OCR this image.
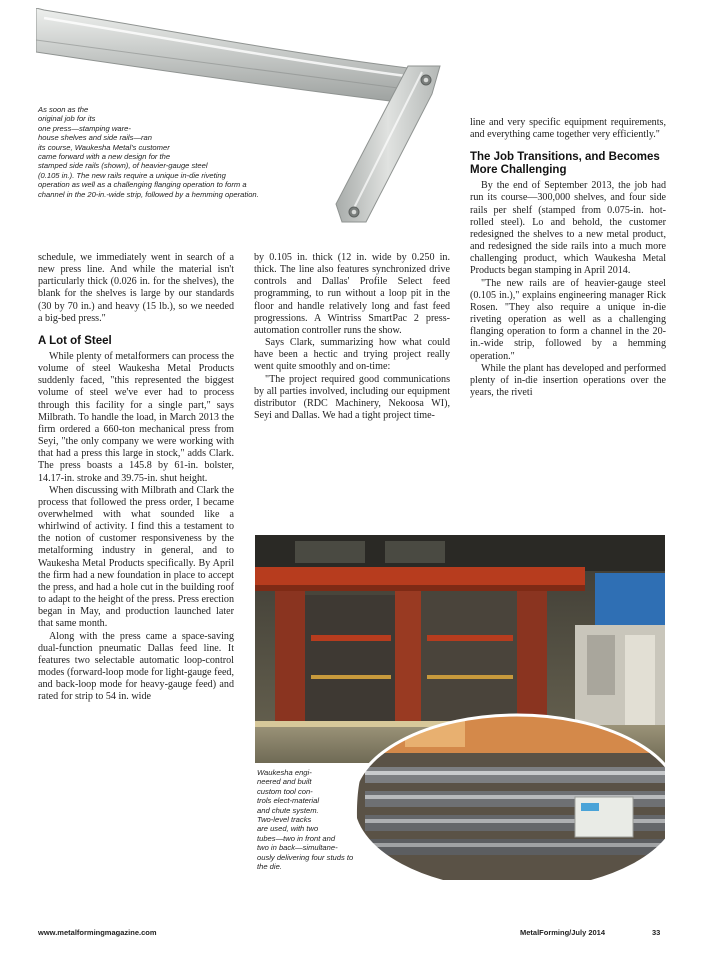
As soon as the
original job for its
one press—stamping ware-
house shelves and side rails—ran
its course, Waukesha Metal's customer
came forward with a new design for the
stamped side rails (shown), of heavier-gauge steel
(0.105 in.). The new rails require a unique in-die riveting
operation as well as a challenging flanging operation to form a
channel in the 20-in.-wide strip, followed by a hemming operation.

schedule, we immediately went in search of a new press line. And while the material isn't particularly thick (0.026 in. for the shelves), the blank for the shelves is large by our standards (30 by 70 in.) and heavy (15 lb.), so we needed a big-bed press."

A Lot of Steel

While plenty of metalformers can process the volume of steel Waukesha Metal Products suddenly faced, "this represented the biggest volume of steel we've ever had to process through this facility for a single part," says Milbrath. To handle the load, in March 2013 the firm ordered a 660-ton mechanical press from Seyi, "the only company we were working with that had a press this large in stock," adds Clark. The press boasts a 145.8 by 61-in. bolster, 14.17-in. stroke and 39.75-in. shut height.

When discussing with Milbrath and Clark the process that followed the press order, I became overwhelmed with what sounded like a whirlwind of activity. I find this a testament to the notion of customer responsiveness by the metalforming industry in general, and to Waukesha Metal Products specifically. By April the firm had a new foundation in place to accept the press, and had a hole cut in the building roof to adapt to the height of the press. Press erection began in May, and production launched later that same month.

Along with the press came a space-saving dual-function pneumatic Dallas feed line. It features two selectable automatic loop-control modes (forward-loop mode for light-gauge feed, and back-loop mode for heavy-gauge feed) and rated for strip to 54 in. wide

by 0.105 in. thick (12 in. wide by 0.250 in. thick. The line also features synchronized drive controls and Dallas' Profile Select feed programming, to run without a loop pit in the floor and handle relatively long and fast feed progressions. A Wintriss SmartPac 2 press-automation controller runs the show.

Says Clark, summarizing how what could have been a hectic and trying project really went quite smoothly and on-time:

"The project required good communications by all parties involved, including our equipment distributor (RDC Machinery, Nekoosa WI), Seyi and Dallas. We had a tight project time-

line and very specific equipment requirements, and everything came together very efficiently."

The Job Transitions, and Becomes More Challenging

By the end of September 2013, the job had run its course—300,000 shelves, and four side rails per shelf (stamped from 0.075-in. hot-rolled steel). Lo and behold, the customer redesigned the shelves to a new metal product, and redesigned the side rails into a much more challenging product, which Waukesha Metal Products began stamping in April 2014.

"The new rails are of heavier-gauge steel (0.105 in.)," explains engineering manager Rick Rosen. "They also require a unique in-die riveting operation as well as a challenging flanging operation to form a channel in the 20-in.-wide strip, followed by a hemming operation."

While the plant has developed and performed plenty of in-die insertion operations over the years, the riveti

Waukesha engi-
neered and built
custom tool con-
trols elect-material
and chute system.
Two-level tracks
are used, with two
tubes—two in front and
two in back—simultane-
ously delivering four studs to
the die.
www.metalformingmagazine.com	MetalForming/July 2014	33
